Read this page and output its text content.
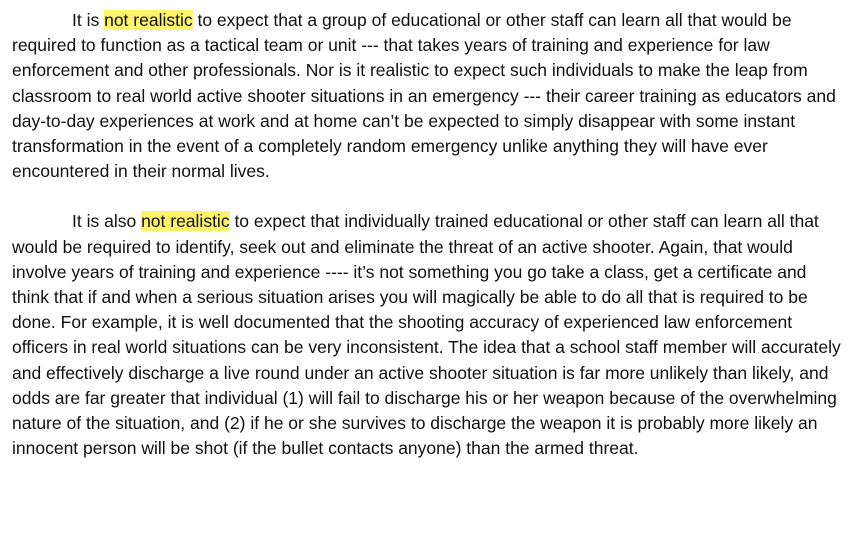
It is not realistic to expect that a group of educational or other staff can learn all that would be required to function as a tactical team or unit --- that takes years of training and experience for law enforcement and other professionals. Nor is it realistic to expect such individuals to make the leap from classroom to real world active shooter situations in an emergency --- their career training as educators and day-to-day experiences at work and at home can’t be expected to simply disappear with some instant transformation in the event of a completely random emergency unlike anything they will have ever encountered in their normal lives.

It is also not realistic to expect that individually trained educational or other staff can learn all that would be required to identify, seek out and eliminate the threat of an active shooter. Again, that would involve years of training and experience ---- it’s not something you go take a class, get a certificate and think that if and when a serious situation arises you will magically be able to do all that is required to be done. For example, it is well documented that the shooting accuracy of experienced law enforcement officers in real world situations can be very inconsistent. The idea that a school staff member will accurately and effectively discharge a live round under an active shooter situation is far more unlikely than likely, and odds are far greater that individual (1) will fail to discharge his or her weapon because of the overwhelming nature of the situation, and (2) if he or she survives to discharge the weapon it is probably more likely an innocent person will be shot (if the bullet contacts anyone) than the armed threat.
